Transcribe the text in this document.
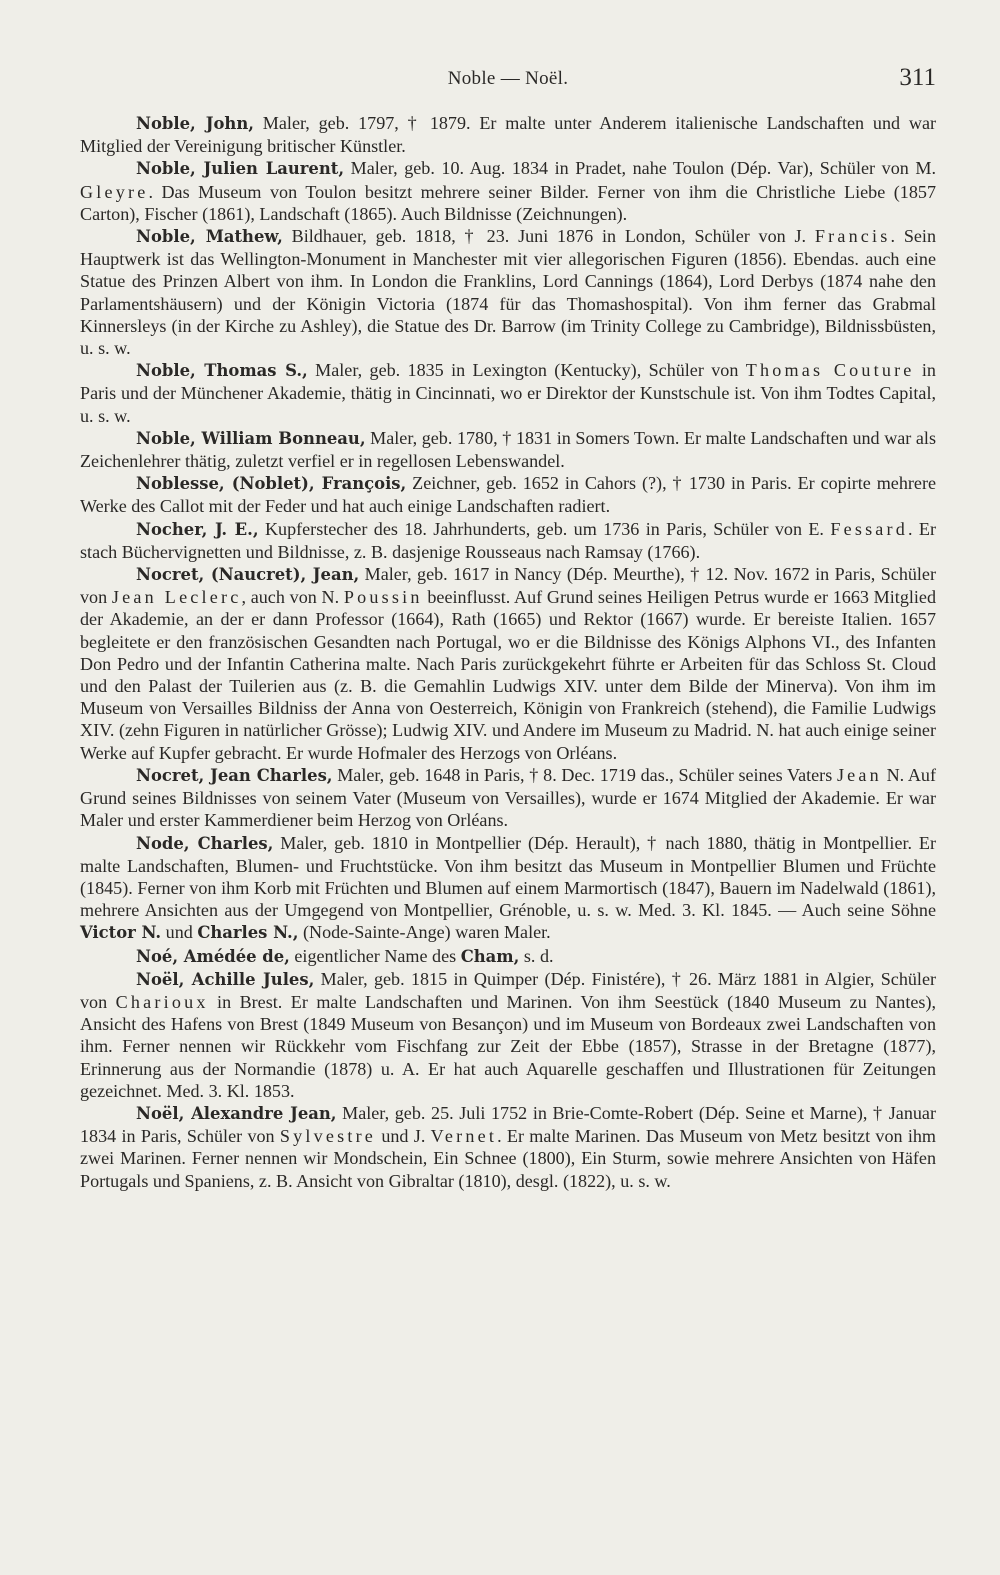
Noble — Noël.	311

Noble, John, Maler, geb. 1797, † 1879. Er malte unter Anderem italienische Landschaften und war Mitglied der Vereinigung britischer Künstler.

Noble, Julien Laurent, Maler, geb. 10. Aug. 1834 in Pradet, nahe Toulon (Dép. Var), Schüler von M. Gleyre. Das Museum von Toulon besitzt mehrere seiner Bilder. Ferner von ihm die Christliche Liebe (1857 Carton), Fischer (1861), Landschaft (1865). Auch Bildnisse (Zeichnungen).

Noble, Mathew, Bildhauer, geb. 1818, † 23. Juni 1876 in London, Schüler von J. Francis. Sein Hauptwerk ist das Wellington-Monument in Manchester mit vier allegorischen Figuren (1856). Ebendas. auch eine Statue des Prinzen Albert von ihm. In London die Franklins, Lord Cannings (1864), Lord Derbys (1874 nahe den Parlamentshäusern) und der Königin Victoria (1874 für das Thomashospital). Von ihm ferner das Grabmal Kinnersleys (in der Kirche zu Ashley), die Statue des Dr. Barrow (im Trinity College zu Cambridge), Bildnissbüsten, u. s. w.

Noble, Thomas S., Maler, geb. 1835 in Lexington (Kentucky), Schüler von Thomas Couture in Paris und der Münchener Akademie, thätig in Cincinnati, wo er Direktor der Kunstschule ist. Von ihm Todtes Capital, u. s. w.

Noble, William Bonneau, Maler, geb. 1780, † 1831 in Somers Town. Er malte Landschaften und war als Zeichenlehrer thätig, zuletzt verfiel er in regellosen Lebenswandel.

Noblesse, (Noblet), François, Zeichner, geb. 1652 in Cahors (?), † 1730 in Paris. Er copirte mehrere Werke des Callot mit der Feder und hat auch einige Landschaften radiert.

Nocher, J. E., Kupferstecher des 18. Jahrhunderts, geb. um 1736 in Paris, Schüler von E. Fessard. Er stach Büchervignetten und Bildnisse, z. B. dasjenige Rousseaus nach Ramsay (1766).

Nocret, (Naucret), Jean, Maler, geb. 1617 in Nancy (Dép. Meurthe), † 12. Nov. 1672 in Paris, Schüler von Jean Leclerc, auch von N. Poussin beeinflusst. Auf Grund seines Heiligen Petrus wurde er 1663 Mitglied der Akademie, an der er dann Professor (1664), Rath (1665) und Rektor (1667) wurde. Er bereiste Italien. 1657 begleitete er den französischen Gesandten nach Portugal, wo er die Bildnisse des Königs Alphons VI., des Infanten Don Pedro und der Infantin Catherina malte. Nach Paris zurückgekehrt führte er Arbeiten für das Schloss St. Cloud und den Palast der Tuilerien aus (z. B. die Gemahlin Ludwigs XIV. unter dem Bilde der Minerva). Von ihm im Museum von Versailles Bildniss der Anna von Oesterreich, Königin von Frankreich (stehend), die Familie Ludwigs XIV. (zehn Figuren in natürlicher Grösse); Ludwig XIV. und Andere im Museum zu Madrid. N. hat auch einige seiner Werke auf Kupfer gebracht. Er wurde Hofmaler des Herzogs von Orléans.

Nocret, Jean Charles, Maler, geb. 1648 in Paris, † 8. Dec. 1719 das., Schüler seines Vaters Jean N. Auf Grund seines Bildnisses von seinem Vater (Museum von Versailles), wurde er 1674 Mitglied der Akademie. Er war Maler und erster Kammerdiener beim Herzog von Orléans.

Node, Charles, Maler, geb. 1810 in Montpellier (Dép. Herault), † nach 1880, thätig in Montpellier. Er malte Landschaften, Blumen- und Fruchtstücke. Von ihm besitzt das Museum in Montpellier Blumen und Früchte (1845). Ferner von ihm Korb mit Früchten und Blumen auf einem Marmortisch (1847), Bauern im Nadelwald (1861), mehrere Ansichten aus der Umgegend von Montpellier, Grénoble, u. s. w. Med. 3. Kl. 1845. — Auch seine Söhne Victor N. und Charles N., (Node-Sainte-Ange) waren Maler.

Noé, Amédée de, eigentlicher Name des Cham, s. d.

Noël, Achille Jules, Maler, geb. 1815 in Quimper (Dép. Finistére), † 26. März 1881 in Algier, Schüler von Charioux in Brest. Er malte Landschaften und Marinen. Von ihm Seestück (1840 Museum zu Nantes), Ansicht des Hafens von Brest (1849 Museum von Besançon) und im Museum von Bordeaux zwei Landschaften von ihm. Ferner nennen wir Rückkehr vom Fischfang zur Zeit der Ebbe (1857), Strasse in der Bretagne (1877), Erinnerung aus der Normandie (1878) u. A. Er hat auch Aquarelle geschaffen und Illustrationen für Zeitungen gezeichnet. Med. 3. Kl. 1853.

Noël, Alexandre Jean, Maler, geb. 25. Juli 1752 in Brie-Comte-Robert (Dép. Seine et Marne), † Januar 1834 in Paris, Schüler von Sylvestre und J. Vernet. Er malte Marinen. Das Museum von Metz besitzt von ihm zwei Marinen. Ferner nennen wir Mondschein, Ein Schnee (1800), Ein Sturm, sowie mehrere Ansichten von Häfen Portugals und Spaniens, z. B. Ansicht von Gibraltar (1810), desgl. (1822), u. s. w.
